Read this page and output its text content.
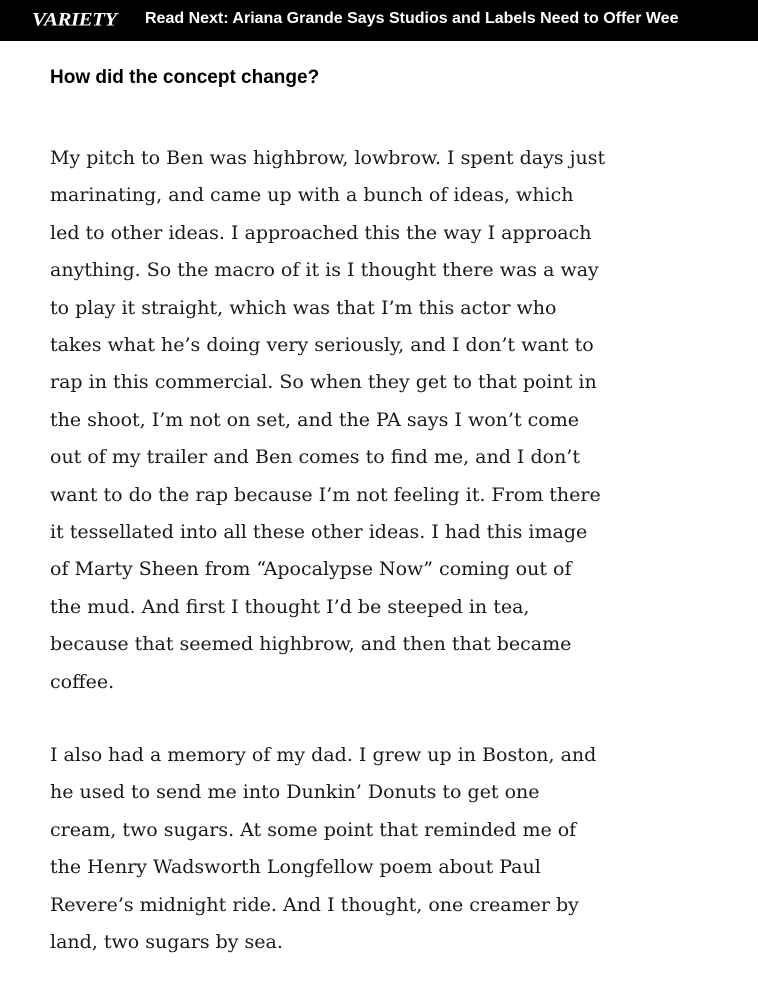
VARIETY Read Next: Ariana Grande Says Studios and Labels Need to Offer Wee
How did the concept change?

My pitch to Ben was highbrow, lowbrow. I spent days just
marinating, and came up with a bunch of ideas, which
led to other ideas. I approached this the way I approach
anything. So the macro of it is I thought there was a way
to play it straight, which was that I’m this actor who
takes what he’s doing very seriously, and I don’t want to
rap in this commercial. So when they get to that point in
the shoot, I’m not on set, and the PA says I won’t come
out of my trailer and Ben comes to find me, and I don’t
want to do the rap because I’m not feeling it. From there
it tessellated into all these other ideas. I had this image
of Marty Sheen from “Apocalypse Now” coming out of
the mud. And first I thought I’d be steeped in tea,
because that seemed highbrow, and then that became
coffee.

I also had a memory of my dad. I grew up in Boston, and
he used to send me into Dunkin’ Donuts to get one
cream, two sugars. At some point that reminded me of
the Henry Wadsworth Longfellow poem about Paul
Revere’s midnight ride. And I thought, one creamer by
land, two sugars by sea.
